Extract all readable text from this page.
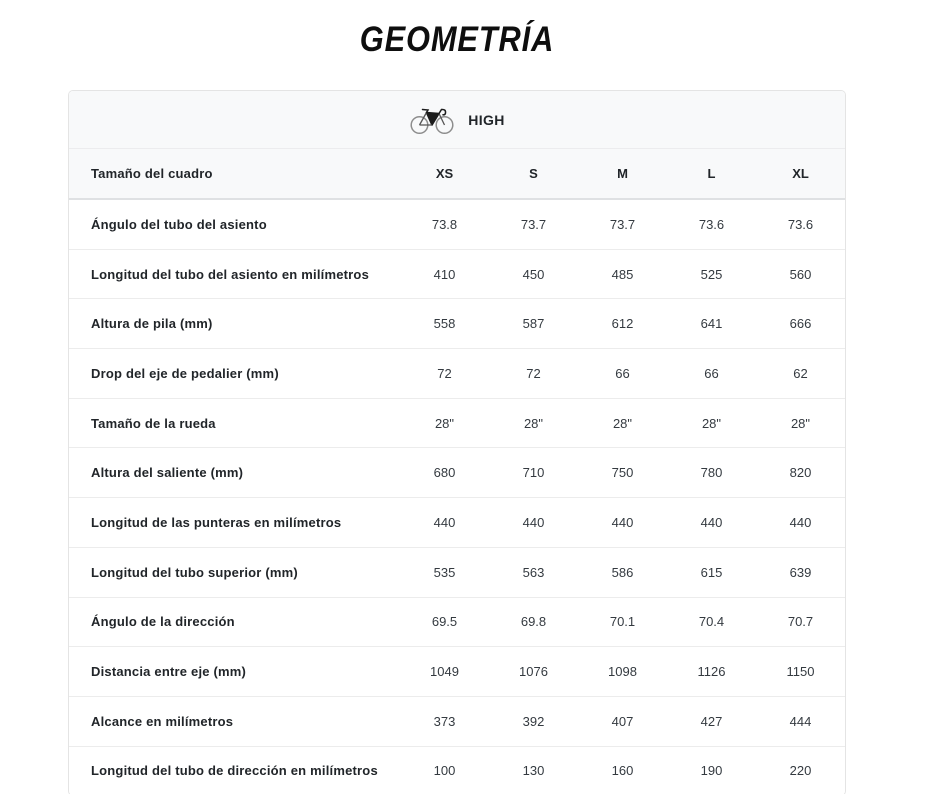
GEOMETRÍA
HIGH
Tamaño del cuadro	XS	S	M	L	XL
Ángulo del tubo del asiento	73.8	73.7	73.7	73.6	73.6
Longitud del tubo del asiento en milímetros	410	450	485	525	560
Altura de pila (mm)	558	587	612	641	666
Drop del eje de pedalier (mm)	72	72	66	66	62
Tamaño de la rueda	28"	28"	28"	28"	28"
Altura del saliente (mm)	680	710	750	780	820
Longitud de las punteras en milímetros	440	440	440	440	440
Longitud del tubo superior (mm)	535	563	586	615	639
Ángulo de la dirección	69.5	69.8	70.1	70.4	70.7
Distancia entre eje (mm)	1049	1076	1098	1126	1150
Alcance en milímetros	373	392	407	427	444
Longitud del tubo de dirección en milímetros	100	130	160	190	220
